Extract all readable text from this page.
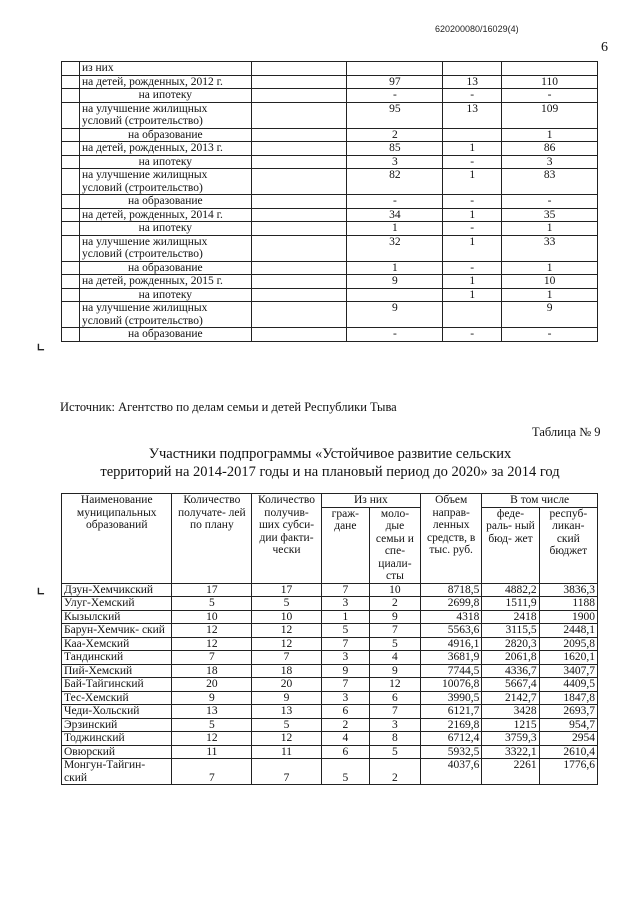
620200080/16029(4)
6
⌞
⌞
	из них				
	на детей, рожденных, 2012 г.		97	13	110
	на ипотеку		-	-	-
	на улучшение жилищных условий (строительство)		95	13	109
	на образование		2		1
	на детей, рожденных, 2013 г.		85	1	86
	на ипотеку		3	-	3
	на улучшение жилищных условий (строительство)		82	1	83
	на образование		-	-	-
	на детей, рожденных, 2014 г.		34	1	35
	на ипотеку		1	-	1
	на улучшение жилищных условий (строительство)		32	1	33
	на образование		1	-	1
	на детей, рожденных, 2015 г.		9	1	10
	на ипотеку			1	1
	на улучшение жилищных условий (строительство)		9		9
	на образование		-	-	-
Источник: Агентство по делам семьи и детей Республики Тыва
Таблица № 9
Участники подпрограммы «Устойчивое развитие сельских
территорий на 2014-2017 годы и на плановый период до 2020» за 2014 год
Наименование муниципальных образований	Количество получате- лей по плану	Количество получив- ших субси- дии факти- чески	Из них		Объем направ- ленных средств, в тыс. руб.	В том числе	
			граж- дане	моло- дые семьи и спе- циали- сты		феде- раль- ный бюд- жет	респуб- ликан- ский бюджет
Дзун-Хемчикский	17	17	7	10	8718,5	4882,2	3836,3
Улуг-Хемский	5	5	3	2	2699,8	1511,9	1188
Кызылский	10	10	1	9	4318	2418	1900
Барун-Хемчик- ский	12	12	5	7	5563,6	3115,5	2448,1
Каа-Хемский	12	12	7	5	4916,1	2820,3	2095,8
Тандинский	7	7	3	4	3681,9	2061,8	1620,1
Пий-Хемский	18	18	9	9	7744,5	4336,7	3407,7
Бай-Тайгинский	20	20	7	12	10076,8	5667,4	4409,5
Тес-Хемский	9	9	3	6	3990,5	2142,7	1847,8
Чеди-Хольский	13	13	6	7	6121,7	3428	2693,7
Эрзинский	5	5	2	3	2169,8	1215	954,7
Тоджинский	12	12	4	8	6712,4	3759,3	2954
Овюрский	11	11	6	5	5932,5	3322,1	2610,4
Монгун-Тайгин- ский	7	7	5	2	4037,6	2261	1776,6
